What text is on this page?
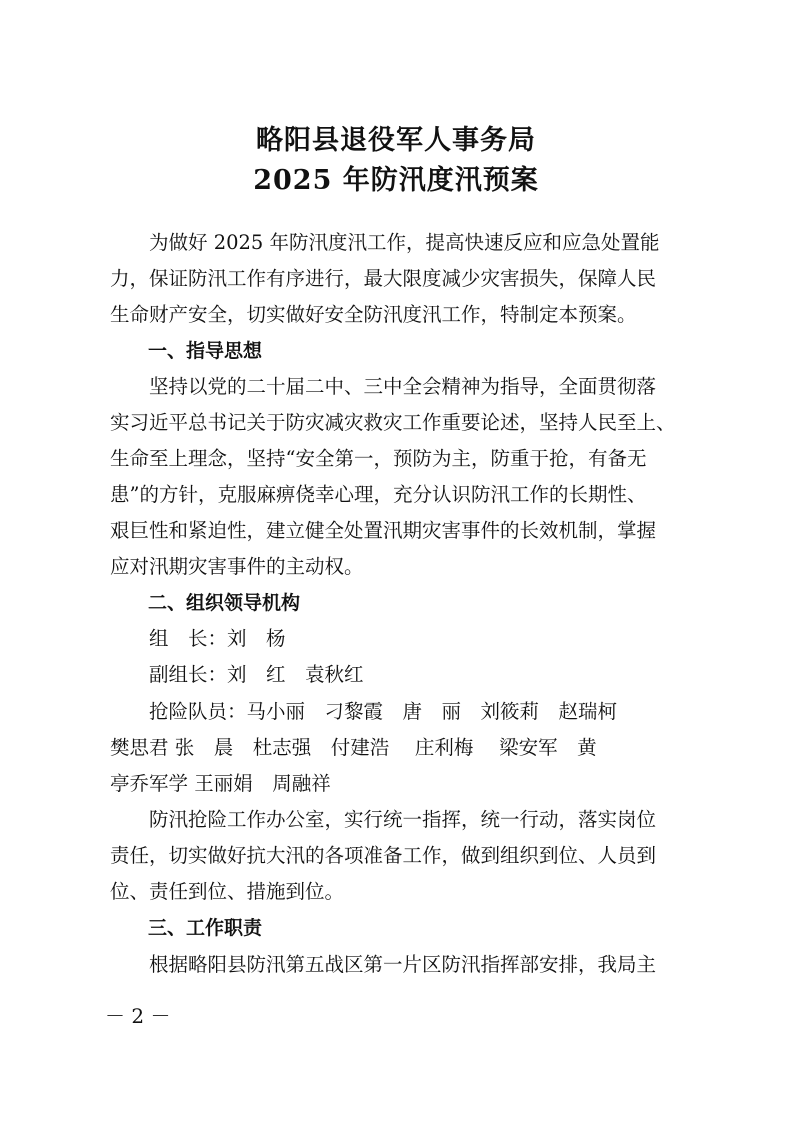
略阳县退役军人事务局
2025 年防汛度汛预案
　　为做好 2025 年防汛度汛工作，提高快速反应和应急处置能
力，保证防汛工作有序进行，最大限度减少灾害损失，保障人民
生命财产安全，切实做好安全防汛度汛工作，特制定本预案。
　　一、指导思想
　　坚持以党的二十届二中、三中全会精神为指导，全面贯彻落
实习近平总书记关于防灾减灾救灾工作重要论述，坚持人民至上、
生命至上理念，坚持“安全第一，预防为主，防重于抢，有备无
患”的方针，克服麻痹侥幸心理，充分认识防汛工作的长期性、
艰巨性和紧迫性，建立健全处置汛期灾害事件的长效机制，掌握
应对汛期灾害事件的主动权。
　　二、组织领导机构
　　组　长：刘　杨
　　副组长：刘　红　袁秋红
　　抢险队员：马小丽　刁黎霞　唐　丽　刘筱莉　赵瑞柯
樊思君 张　晨　杜志强　付建浩　 庄利梅　 梁安军　黄
亭乔军学 王丽娟　周融祥
　　防汛抢险工作办公室，实行统一指挥，统一行动，落实岗位
责任，切实做好抗大汛的各项准备工作，做到组织到位、人员到
位、责任到位、措施到位。
　　三、工作职责
　　根据略阳县防汛第五战区第一片区防汛指挥部安排，我局主
－ 2 －
